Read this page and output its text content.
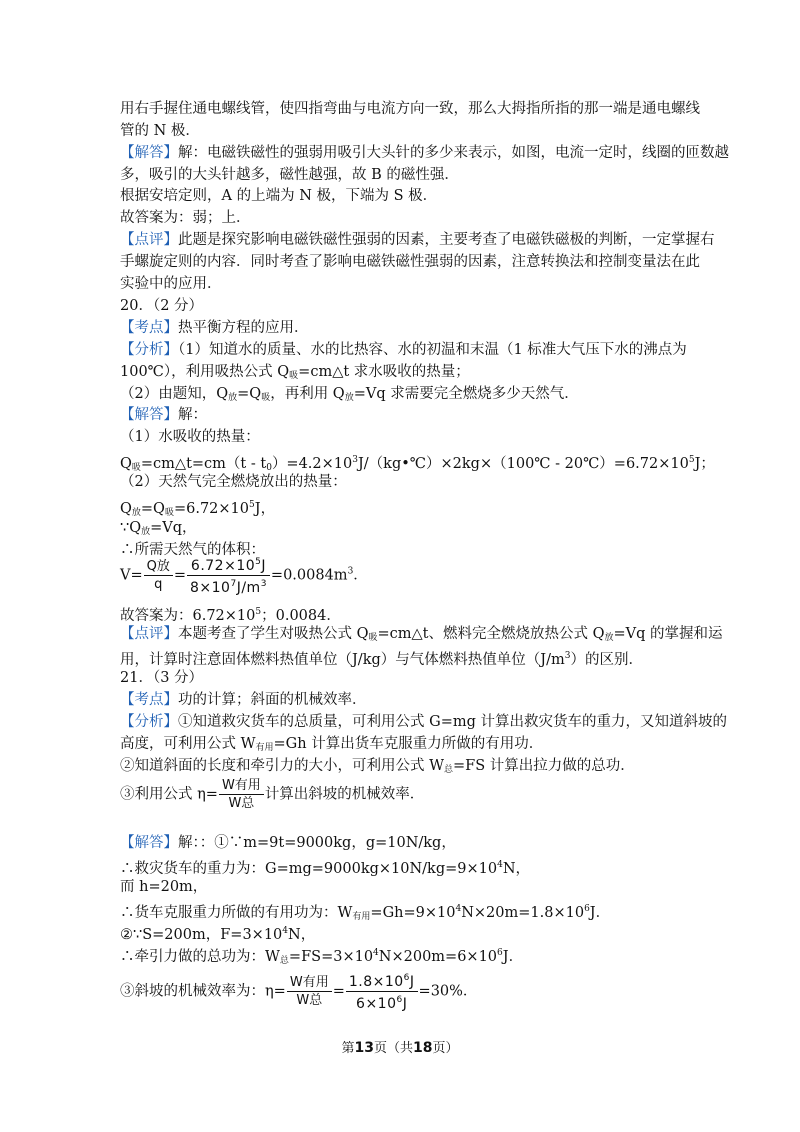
用右手握住通电螺线管，使四指弯曲与电流方向一致，那么大拇指所指的那一端是通电螺线
管的 N 极．
【解答】解：电磁铁磁性的强弱用吸引大头针的多少来表示，如图，电流一定时，线圈的匝数越
多，吸引的大头针越多，磁性越强，故 B 的磁性强．
根据安培定则，A 的上端为 N 极，下端为 S 极．
故答案为：弱；上．
【点评】此题是探究影响电磁铁磁性强弱的因素，主要考查了电磁铁磁极的判断，一定掌握右
手螺旋定则的内容．同时考查了影响电磁铁磁性强弱的因素，注意转换法和控制变量法在此
实验中的应用．
20．（2 分）
【考点】热平衡方程的应用．
【分析】（1）知道水的质量、水的比热容、水的初温和末温（1 标准大气压下水的沸点为
100℃），利用吸热公式 $Q_吸=cm\triangle t$ 求水吸收的热量；
（2）由题知，$Q_放=Q_吸$，再利用 $Q_放=Vq$ 求需要完全燃烧多少天然气．
【解答】解：
（1）水吸收的热量：
$Q_吸=cm\triangle t=cm(t$ - $t_0)=4.2\times 10^3J/(kg•℃)\times 2kg\times(100℃$ - $20℃)=6.72\times 10^5J$；
（2）天然气完全燃烧放出的热量：
$Q_放=Q_吸=6.72\times 10^5J$，
$\because Q_放=Vq$，
∴所需天然气的体积：
$V= \frac{\text{Q放}}{q} = \frac{6.72\times 10^5J}{8\times 10^7J/m^3} =0.0084m^3$．
故答案为：$6.72\times 10^5$；0.0084．
【点评】本题考查了学生对吸热公式 $Q_吸=cm\triangle t$、燃料完全燃烧放热公式 $Q_放=Vq$ 的掌握和运
用，计算时注意固体燃料热值单位（J/kg）与气体燃料热值单位$(J/m^3)$的区别．
21．（3 分）
【考点】功的计算；斜面的机械效率．
【分析】①知道救灾货车的总质量，可利用公式 G=mg 计算出救灾货车的重力，又知道斜坡的
高度，可利用公式 $W_{有用}=Gh$ 计算出货车克服重力所做的有用功．
②知道斜面的长度和牵引力的大小，可利用公式 $W_总=FS$ 计算出拉力做的总功．
③利用公式 $\eta= \frac{\text{W有用}}{\text{W总}}$ 计算出斜坡的机械效率．
【解答】解：：①∵m=9t=9000kg，g=10N/kg，
∴救灾货车的重力为：$G=mg=9000kg\times 10N/kg=9\times 10^4N$，
而 h=20m，
∴货车克服重力所做的有用功为：$W_{有用}=Gh=9\times 10^4N\times 20m=1.8\times 10^6J$．
②∵S=200m，$F=3\times 10^4N$，
∴牵引力做的总功为：$W_总=FS=3\times 10^4N\times 200m=6\times 10^6J$．
③斜坡的机械效率为：$\eta= \frac{\text{W有用}}{\text{W总}} = \frac{1.8\times 10^6J}{6\times 10^6J} =30\%$．
第13页（共18页）
